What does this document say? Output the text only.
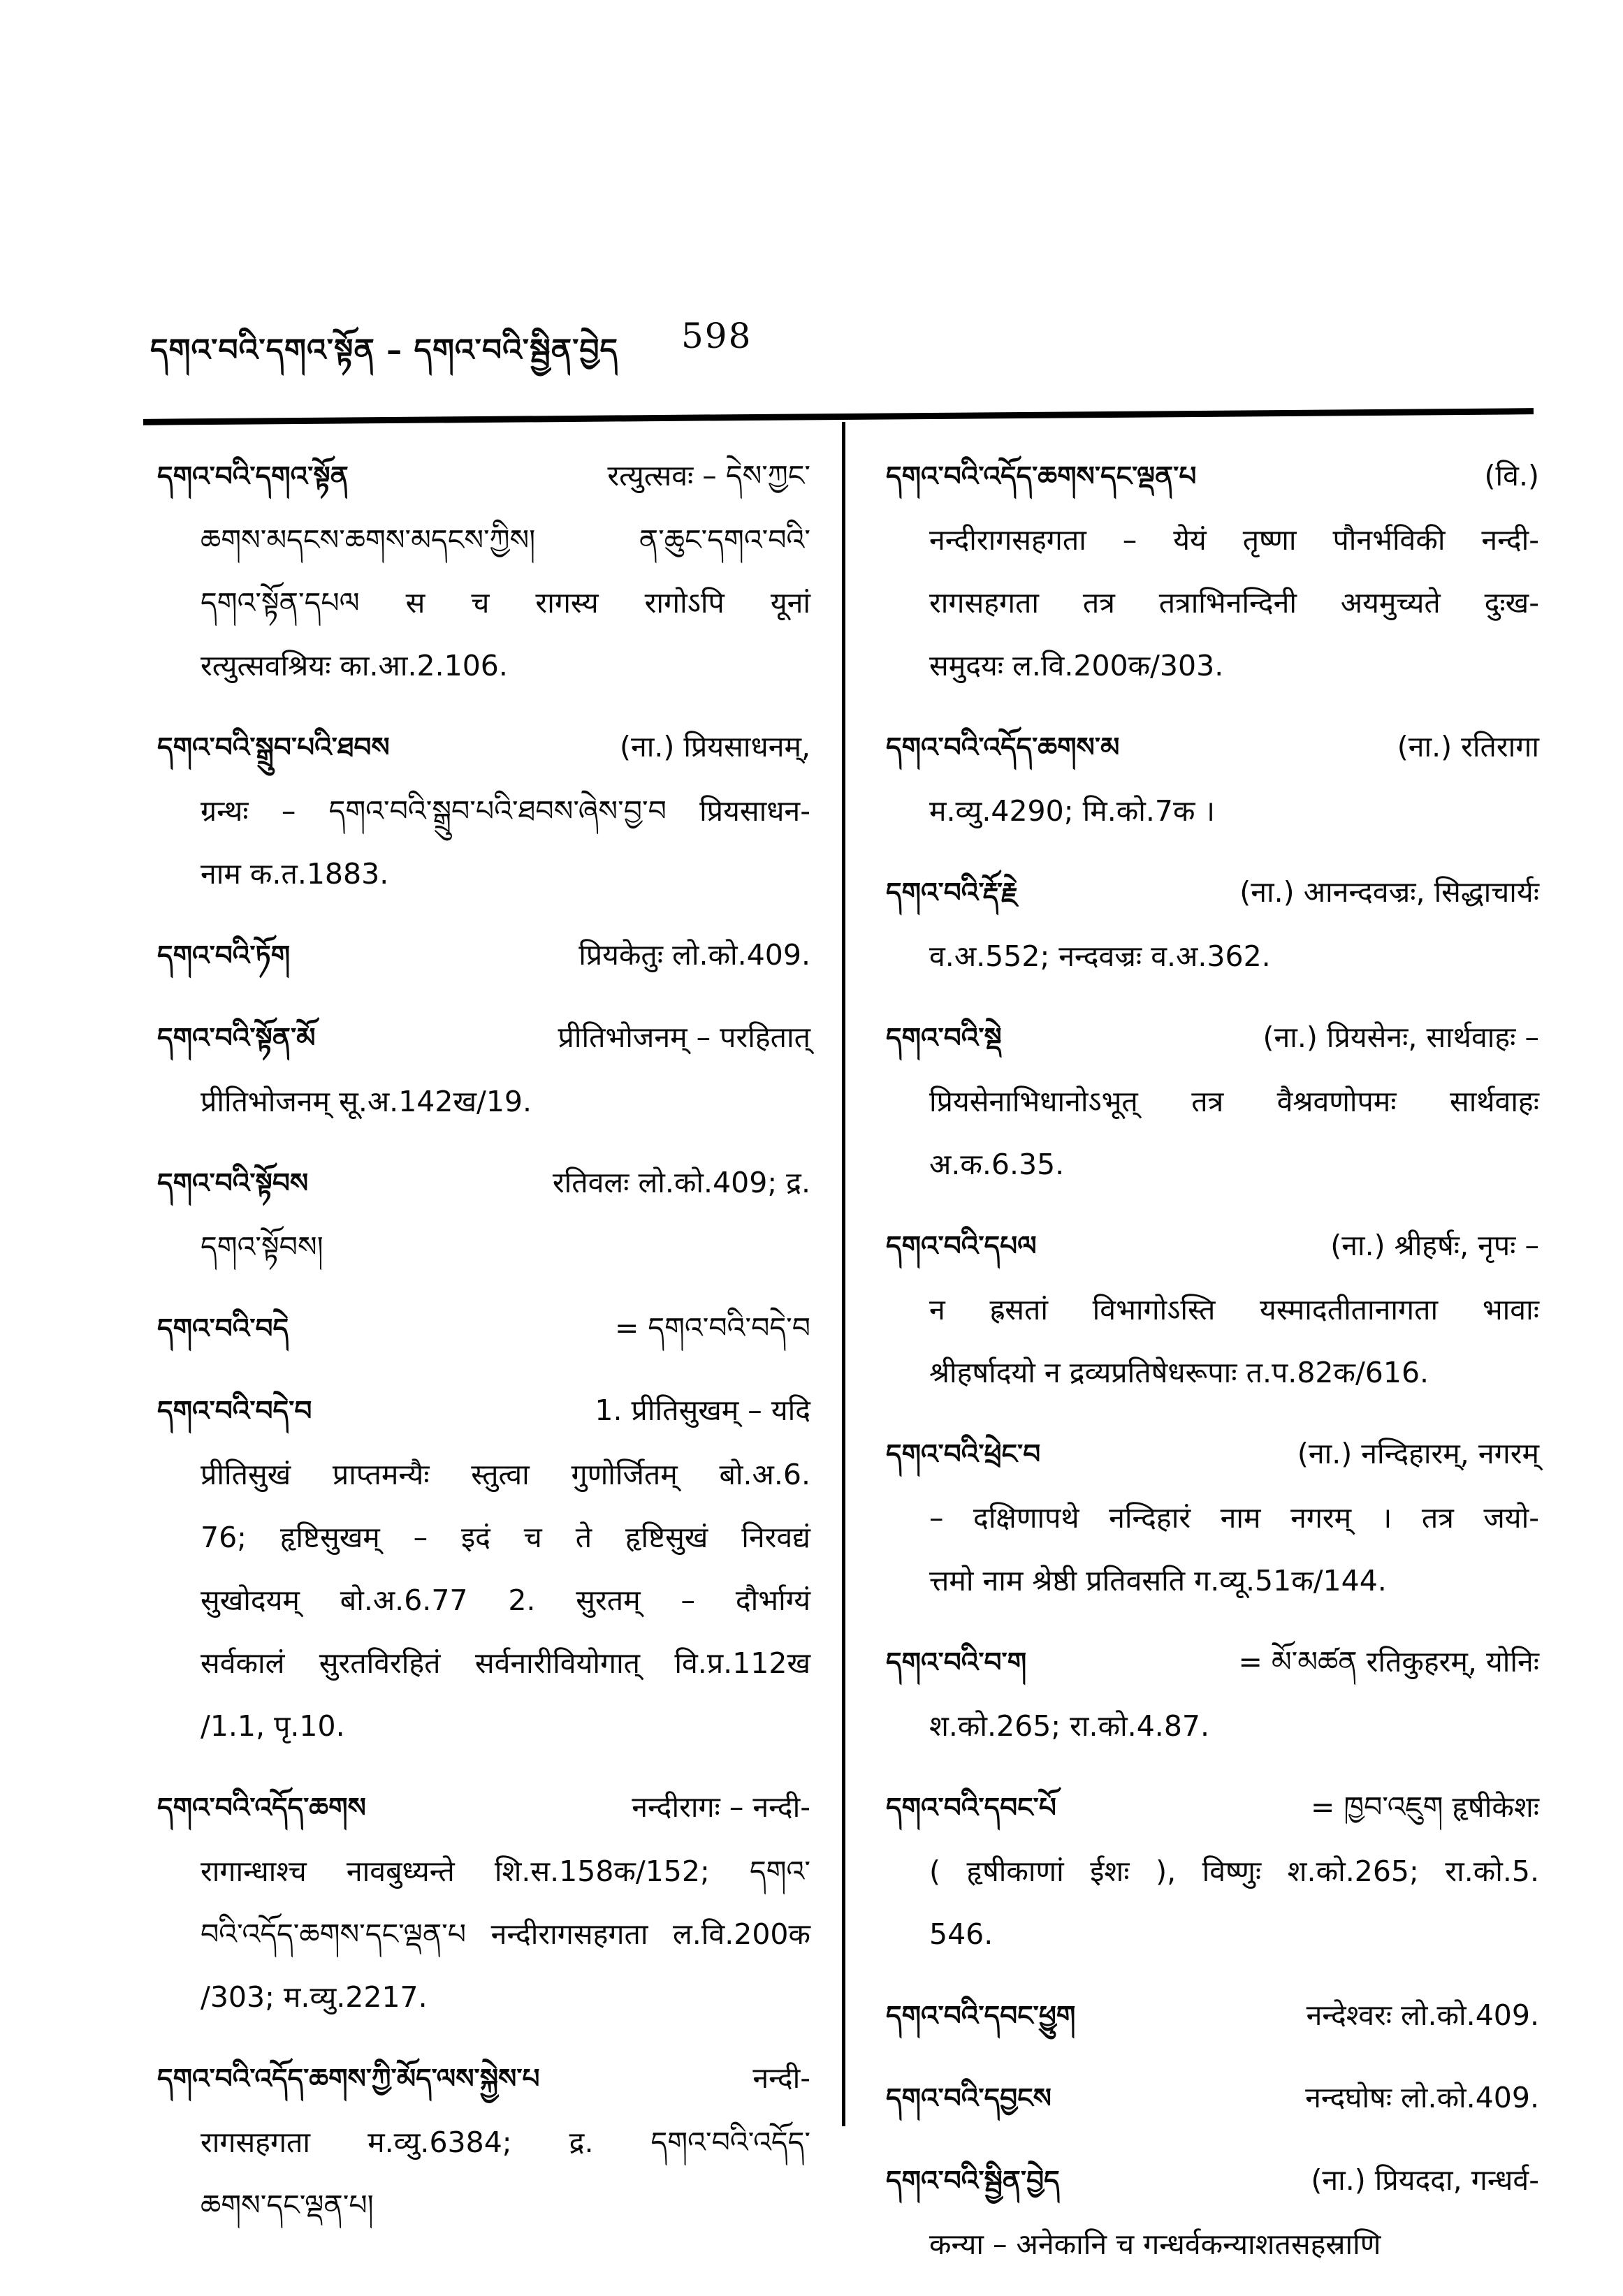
དགའ་བའི་དགའ་སྟོན – དགའ་བའི་སྦྱིན་བྱེད 598
དགའ་བའི་དགའ་སྟོན	रत्युत्सवः – དེས་ཀྱང་
ཆགས་མདངས་ཆགས་མདངས་ཀྱིས། ན་ཆུང་དགའ་བའི་
དགའ་སྟོན་དཔལ स च रागस्य रागोऽपि यूनां
रत्युत्सवश्रियः का.आ.2.106.
དགའ་བའི་སྒྲུབ་པའི་ཐབས	(ना.) प्रियसाधनम्,
ग्रन्थः – དགའ་བའི་སྒྲུབ་པའི་ཐབས་ཞེས་བྱ་བ प्रियसाधन-
नाम क.त.1883.
དགའ་བའི་ཏོག	प्रियकेतुः लो.को.409.
དགའ་བའི་སྟོན་མོ	प्रीतिभोजनम् – परहितात्
प्रीतिभोजनम् सू.अ.142ख/19.
དགའ་བའི་སྟོབས	रतिवलः लो.को.409; द्र.
དགའ་སྟོབས།
དགའ་བའི་བདེ	= དགའ་བའི་བདེ་བ
དགའ་བའི་བདེ་བ	1. प्रीतिसुखम् – यदि
प्रीतिसुखं प्राप्तमन्यैः स्तुत्वा गुणोर्जितम् बो.अ.6.
76; हृष्टिसुखम् – इदं च ते हृष्टिसुखं निरवद्यं
सुखोदयम् बो.अ.6.77 2. सुरतम् – दौर्भाग्यं
सर्वकालं सुरतविरहितं सर्वनारीवियोगात् वि.प्र.112ख
/1.1, पृ.10.
དགའ་བའི་འདོད་ཆགས	नन्दीरागः – नन्दी-
रागान्धाश्च नावबुध्यन्ते शि.स.158क/152; དགའ་
བའི་འདོད་ཆགས་དང་ལྡན་པ नन्दीरागसहगता ल.वि.200क
/303; म.व्यु.2217.
དགའ་བའི་འདོད་ཆགས་ཀྱི་མོད་ལས་སྐྱེས་པ	नन्दी-
रागसहगता म.व्यु.6384; द्र. དགའ་བའི་འདོད་
ཆགས་དང་ལྡན་པ།
དགའ་བའི་འདོད་ཆགས་དང་ལྡན་པ	(वि.)
नन्दीरागसहगता – येयं तृष्णा पौनर्भविकी नन्दी-
रागसहगता तत्र तत्राभिनन्दिनी अयमुच्यते दुःख-
समुदयः ल.वि.200क/303.
དགའ་བའི་འདོད་ཆགས་མ	(ना.) रतिरागा
म.व्यु.4290; मि.को.7क ।
དགའ་བའི་རྡོ་རྗེ	(ना.) आनन्दवज्रः, सिद्धाचार्यः
व.अ.552; नन्दवज्रः व.अ.362.
དགའ་བའི་སྡེ	(ना.) प्रियसेनः, सार्थवाहः –
प्रियसेनाभिधानोऽभूत् तत्र वैश्रवणोपमः सार्थवाहः
अ.क.6.35.
དགའ་བའི་དཔལ	(ना.) श्रीहर्षः, नृपः –
न ह्रसतां विभागोऽस्ति यस्मादतीतानागता भावाः
श्रीहर्षादयो न द्रव्यप्रतिषेधरूपाः त.प.82क/616.
དགའ་བའི་ཕྲེང་བ	(ना.) नन्दिहारम्, नगरम्
– दक्षिणापथे नन्दिहारं नाम नगरम् । तत्र जयो-
त्तमो नाम श्रेष्ठी प्रतिवसति ग.व्यू.51क/144.
དགའ་བའི་བ་ག	= མོ་མཚན रतिकुहरम्, योनिः
श.को.265; रा.को.4.87.
དགའ་བའི་དབང་པོ	= ཁྱབ་འཇུག हृषीकेशः
( हृषीकाणां ईशः ), विष्णुः श.को.265; रा.को.5.
546.
དགའ་བའི་དབང་ཕྱུག	नन्देश्वरः लो.को.409.
དགའ་བའི་དབྱངས	नन्दघोषः लो.को.409.
དགའ་བའི་སྦྱིན་བྱེད	(ना.) प्रियददा, गन्धर्व-
कन्या – अनेकानि च गन्धर्वकन्याशतसहस्राणि
